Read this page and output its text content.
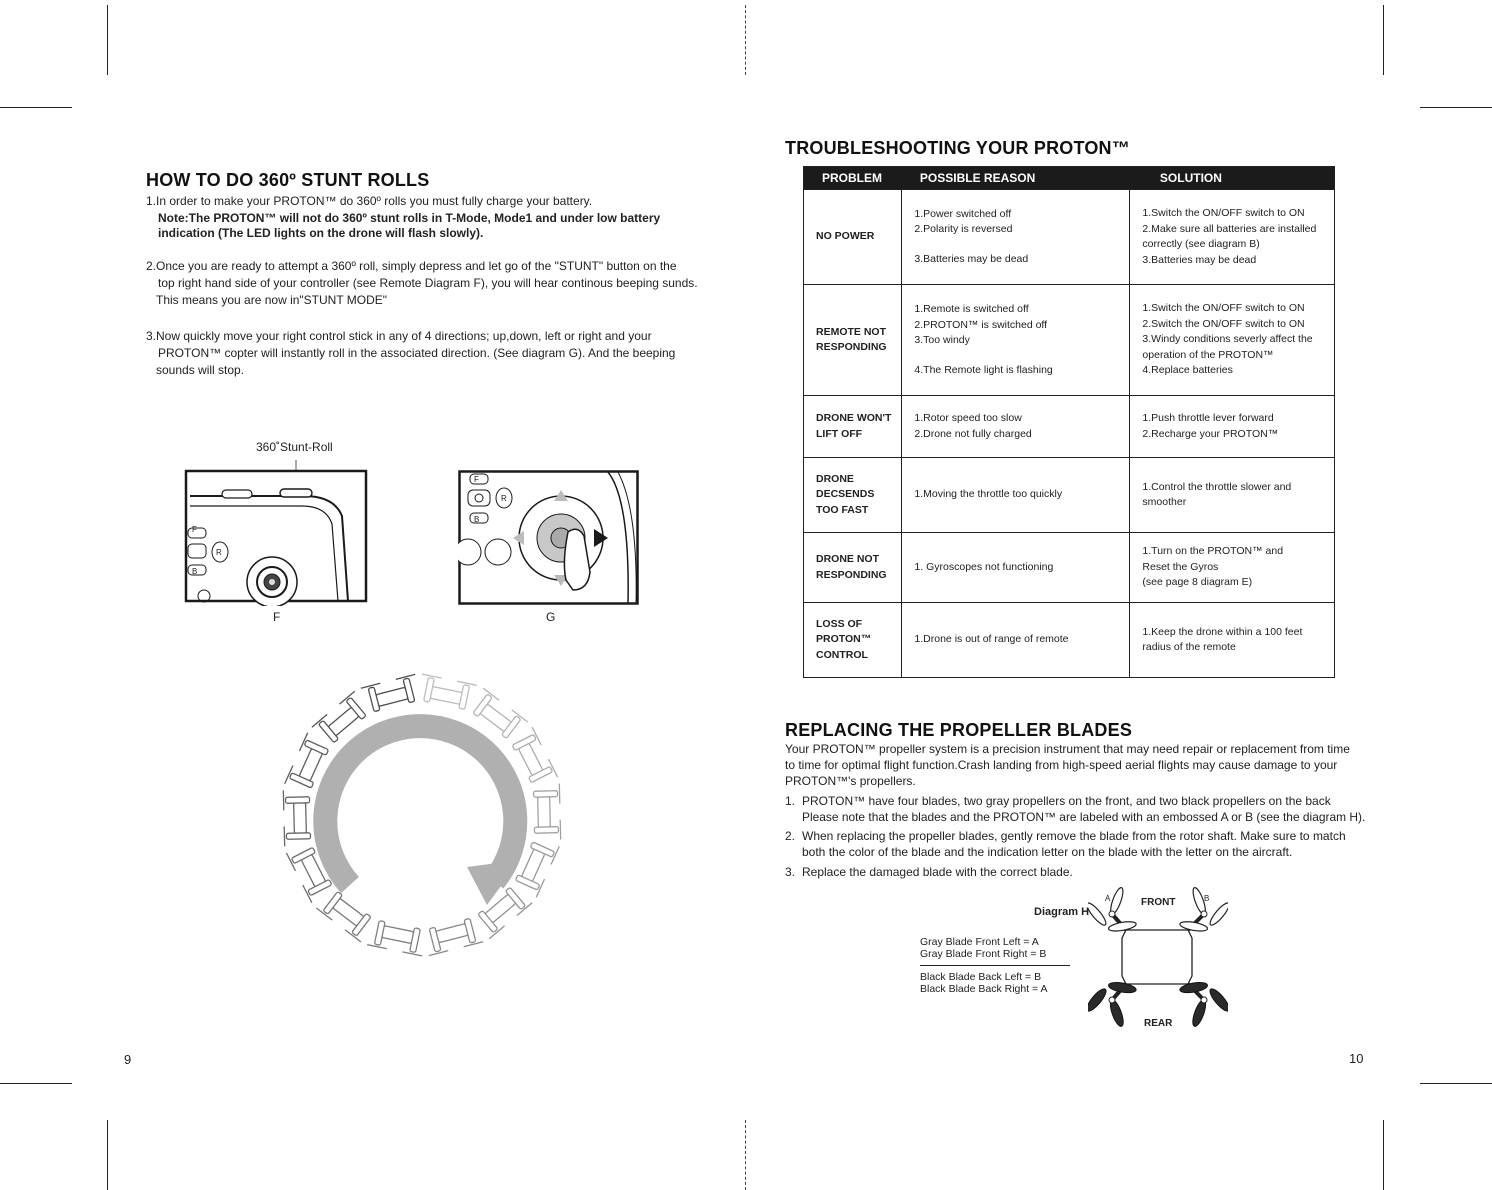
HOW TO DO 360º STUNT ROLLS
1.In order to make your PROTON™ do 360º rolls you must fully charge your battery.
Note:The PROTON™ will not do 360º stunt rolls in T-Mode, Mode1 and under low battery
indication (The LED lights on the drone will flash slowly).
2.Once you are ready to attempt a 360º roll, simply depress and let go of the "STUNT" button on the
top right hand side of your controller (see Remote Diagram F), you will hear continous beeping sunds.
This means you are now in"STUNT MODE"
3.Now quickly move your right control stick in any of 4 directions; up,down, left or right and your
PROTON™ copter will instantly roll in the associated direction. (See diagram G). And the beeping
sounds will stop.
360˚Stunt-Roll
F
R
B
F
F
R
B
G
9
TROUBLESHOOTING YOUR PROTON™
PROBLEM	POSSIBLE REASON	SOLUTION

NO POWER	1.Power switched off
2.Polarity is reversed
3.Batteries may be dead	1.Switch the ON/OFF switch to ON
2.Make sure all batteries are installed
correctly (see diagram B)
3.Batteries may be dead

REMOTE NOT
RESPONDING	1.Remote is switched off
2.PROTON™ is switched off
3.Too windy
4.The Remote light is flashing	1.Switch the ON/OFF switch to ON
2.Switch the ON/OFF switch to ON
3.Windy conditions severly affect the
operation of the PROTON™
4.Replace batteries

DRONE WON'T
LIFT OFF	1.Rotor speed too slow
2.Drone not fully charged	1.Push throttle lever forward
2.Recharge your PROTON™

DRONE
DECSENDS
TOO FAST	1.Moving the throttle too quickly	1.Control the throttle slower and
smoother

DRONE NOT
RESPONDING	1. Gyroscopes not functioning	1.Turn on the PROTON™ and
Reset the Gyros
(see page 8 diagram E)

LOSS OF
PROTON™
CONTROL	1.Drone is out of range of remote	1.Keep the drone within a 100 feet
radius of the remote
REPLACING THE PROPELLER BLADES
Your PROTON™ propeller system is a precision instrument that may need repair or replacement from time
to time for optimal flight function.Crash landing from high-speed aerial flights may cause damage to your
PROTON™'s propellers.
1. PROTON™ have four blades, two gray propellers on the front, and two black propellers on the back
Please note that the blades and the PROTON™ are labeled with an embossed A or B (see the diagram H).
2. When replacing the propeller blades, gently remove the blade from the rotor shaft. Make sure to match
both the color of the blade and the indication letter on the blade with the letter on the aircraft.
3. Replace the damaged blade with the correct blade.
Diagram H
Gray Blade Front Left = A
Gray Blade Front Right = B
Black Blade Back Left = B
Black Blade Back Right = A
FRONT
REAR
A	B
10
